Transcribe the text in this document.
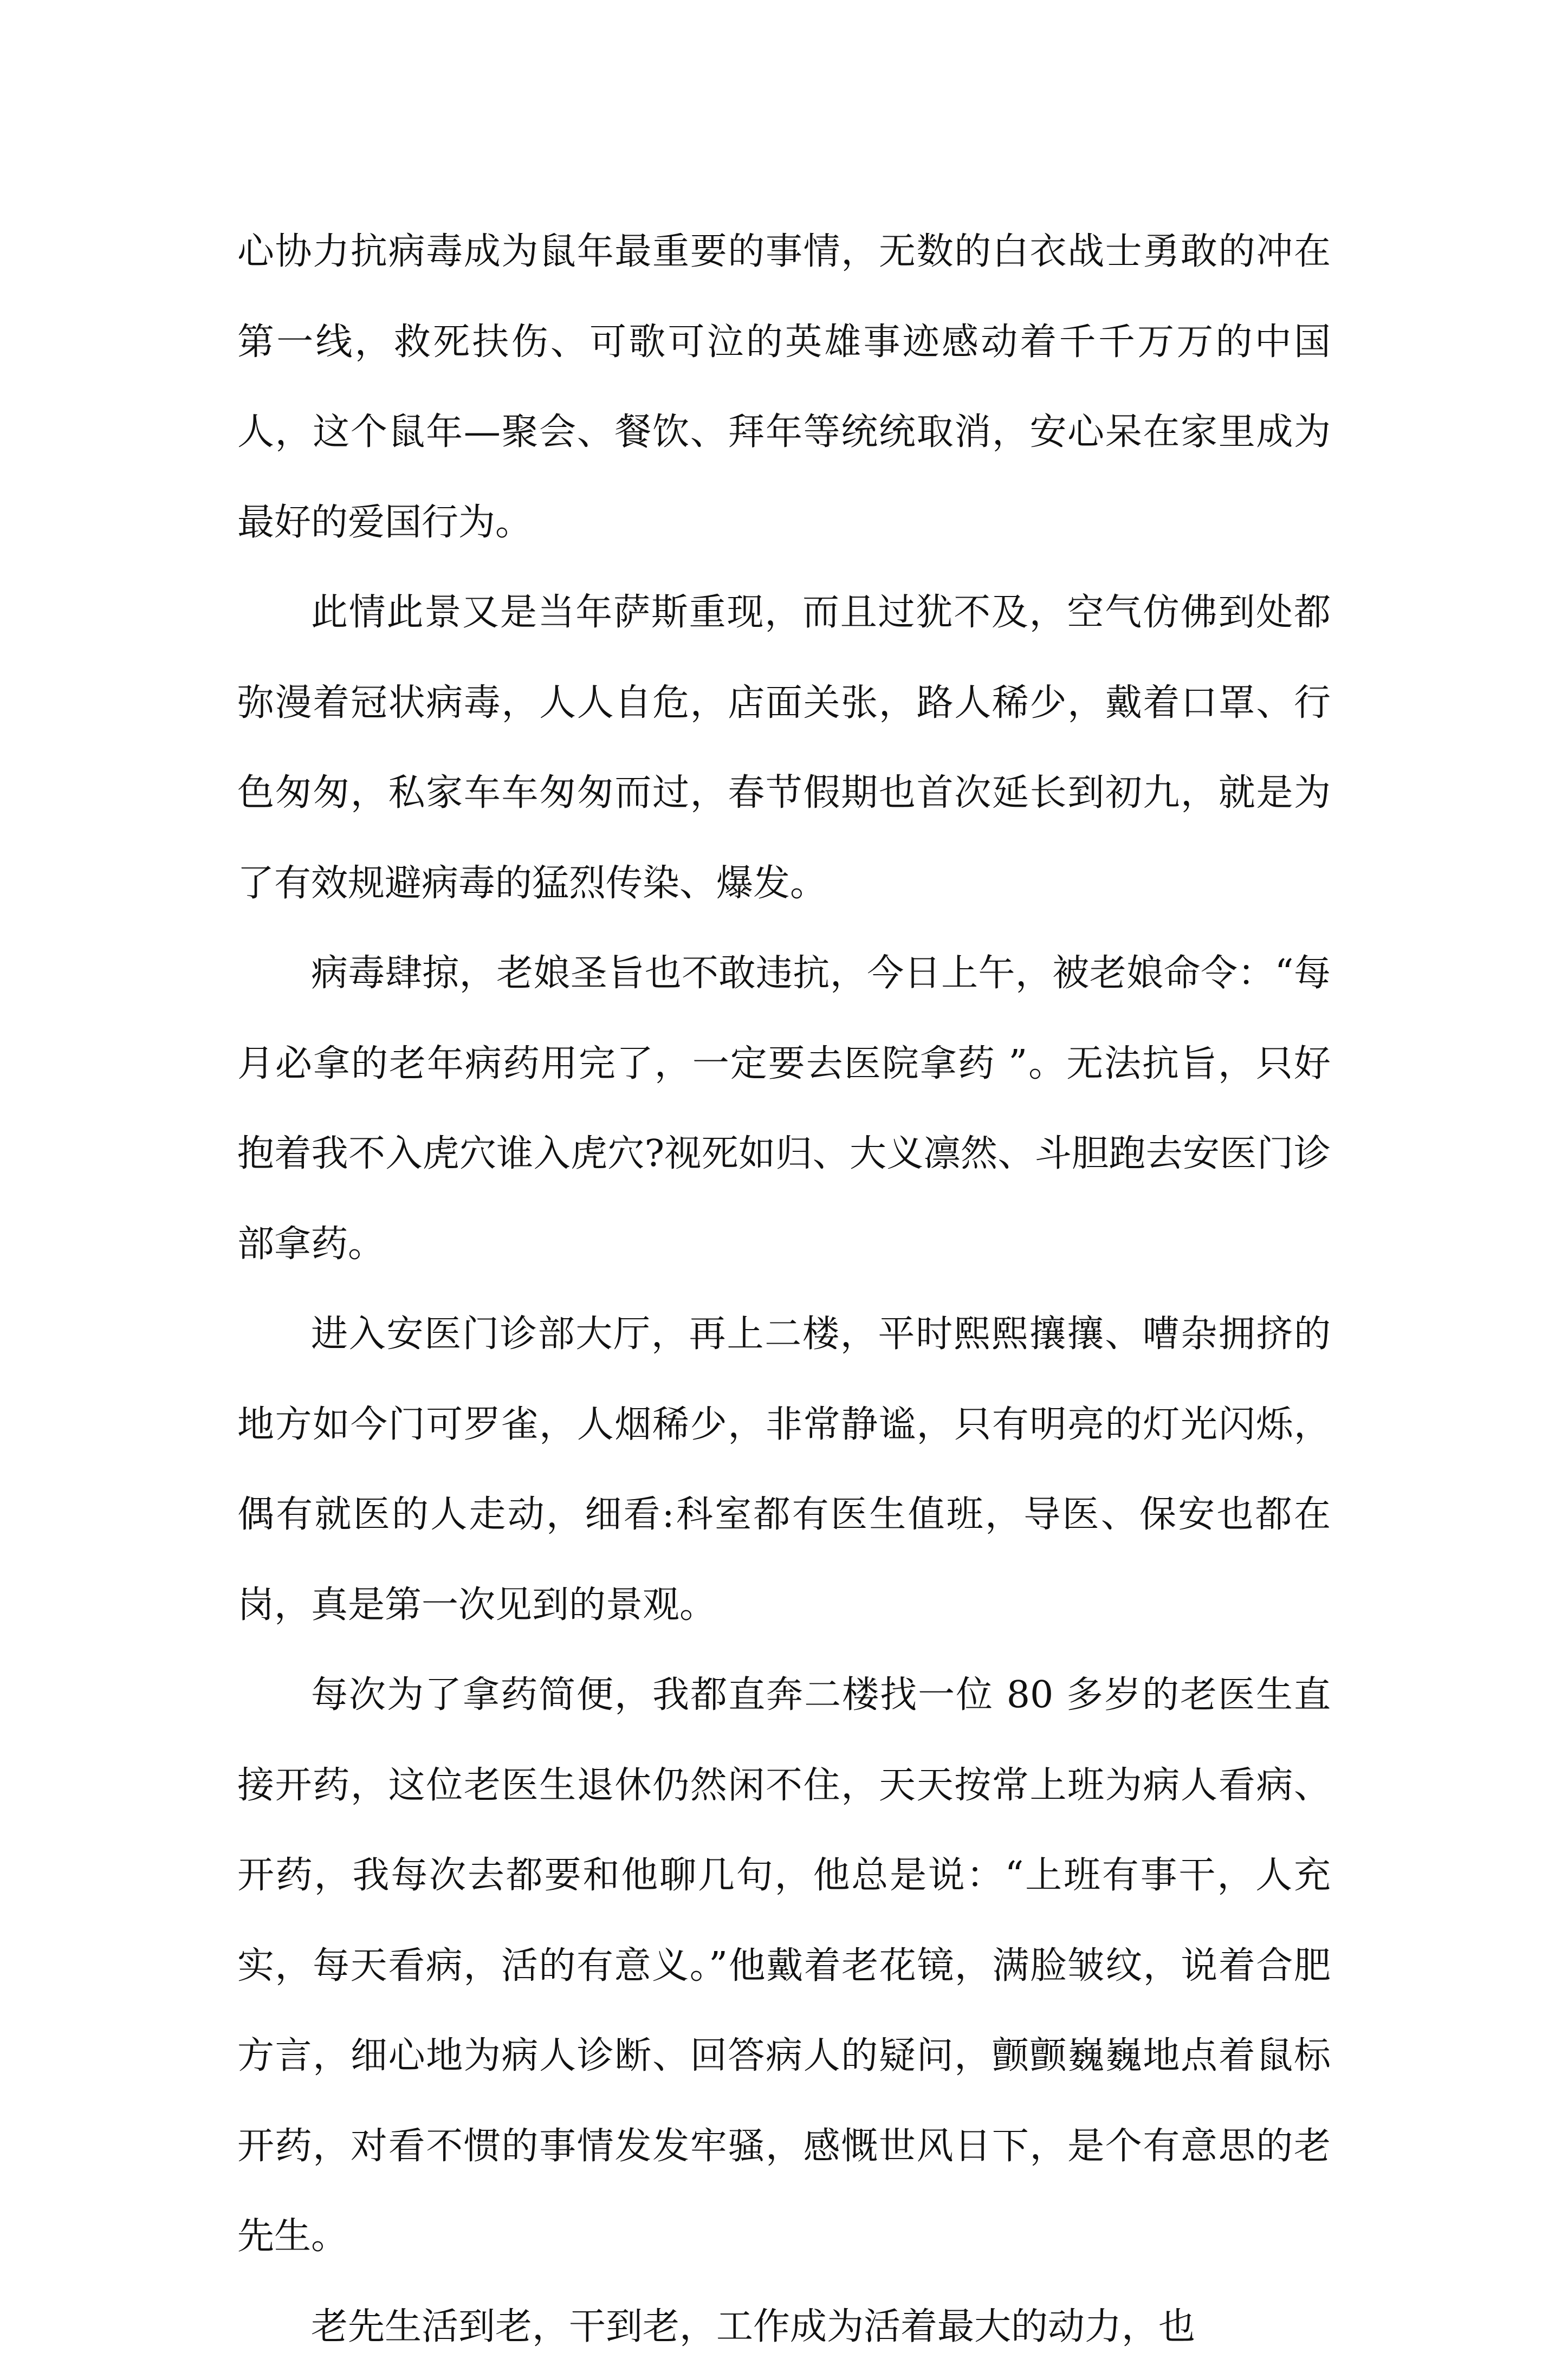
心协力抗病毒成为鼠年最重要的事情，无数的白衣战士勇敢的冲在第一线，救死扶伤、可歌可泣的英雄事迹感动着千千万万的中国人，这个鼠年—聚会、餐饮、拜年等统统取消，安心呆在家里成为最好的爱国行为。

此情此景又是当年萨斯重现，而且过犹不及，空气仿佛到处都弥漫着冠状病毒，人人自危，店面关张，路人稀少，戴着口罩、行色匆匆，私家车车匆匆而过，春节假期也首次延长到初九，就是为了有效规避病毒的猛烈传染、爆发。

病毒肆掠，老娘圣旨也不敢违抗，今日上午，被老娘命令：“每月必拿的老年病药用完了，一定要去医院拿药 ”。无法抗旨，只好抱着我不入虎穴谁入虎穴?视死如归、大义凛然、斗胆跑去安医门诊部拿药。

进入安医门诊部大厅，再上二楼，平时熙熙攘攘、嘈杂拥挤的地方如今门可罗雀，人烟稀少，非常静谧，只有明亮的灯光闪烁，偶有就医的人走动，细看:科室都有医生值班，导医、保安也都在岗，真是第一次见到的景观。

每次为了拿药简便，我都直奔二楼找一位 80 多岁的老医生直接开药，这位老医生退休仍然闲不住，天天按常上班为病人看病、开药，我每次去都要和他聊几句，他总是说：“上班有事干，人充实，每天看病，活的有意义。”他戴着老花镜，满脸皱纹，说着合肥方言，细心地为病人诊断、回答病人的疑问，颤颤巍巍地点着鼠标开药，对看不惯的事情发发牢骚，感慨世风日下，是个有意思的老先生。

老先生活到老，干到老，工作成为活着最大的动力，也
